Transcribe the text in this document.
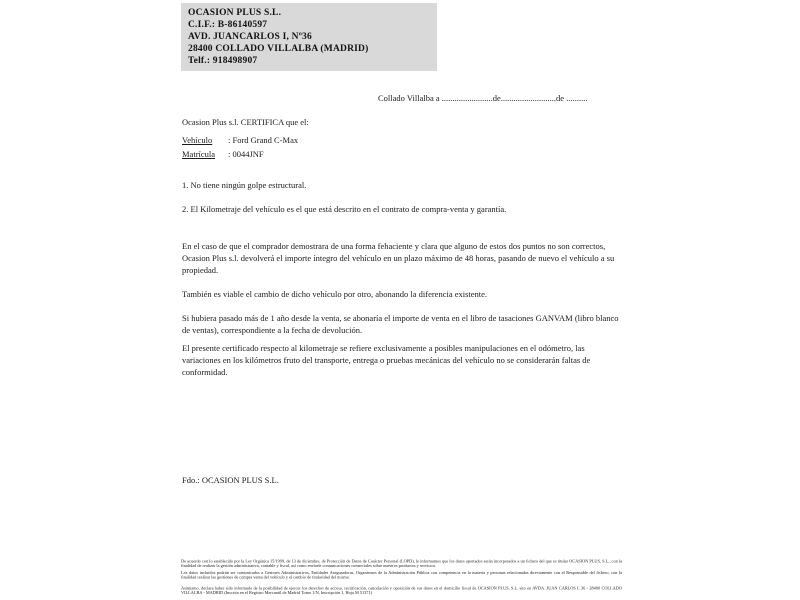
OCASION PLUS S.L.
C.I.F.: B-86140597
AVD. JUANCARLOS I, Nº36
28400 COLLADO VILLALBA (MADRID)
Telf.: 918498907
Collado Villalba a ........................de..........................de ..........
Ocasion Plus s.l. CERTIFICA que el:
Vehículo : Ford Grand C-Max
Matrícula : 0044JNF

1. No tiene ningún golpe estructural.

2. El Kilometraje del vehículo es el que está descrito en el contrato de compra-venta y garantía.

En el caso de que el comprador demostrara de una forma fehaciente y clara que alguno de estos dos puntos no son correctos, Ocasion Plus s.l. devolverá el importe íntegro del vehículo en un plazo máximo de 48 horas, pasando de nuevo el vehículo a su propiedad.

También es viable el cambio de dicho vehículo por otro, abonando la diferencia existente.

Si hubiera pasado más de 1 año desde la venta, se abonaría el importe de venta en el libro de tasaciones GANVAM (libro blanco de ventas), correspondiente a la fecha de devolución.

El presente certificado respecto al kilometraje se refiere exclusivamente a posibles manipulaciones en el odómetro, las variaciones en los kilómetros fruto del transporte, entrega o pruebas mecánicas del vehículo no se considerarán faltas de conformidad.

Fdo.: OCASION PLUS S.L.

De acuerdo con lo establecido por la Ley Orgánica 15/1999, de 13 de diciembre, de Protección de Datos de Carácter Personal (LOPD), le informamos que los datos aportados serán incorporados a un fichero del que es titular OCASION PLUS, S.L., con la finalidad de realizar la gestión administrativa, contable y fiscal, así como enviarle comunicaciones comerciales sobre nuestros productos y servicios.

Los datos incluidos podrán ser comunicados a Gestores Administrativos, Entidades Aseguradoras, Organismos de la Administración Pública con competencia en la materia y personas relacionadas directamente con el Responsable del fichero, con la finalidad realizar las gestiones de compra venta del vehículo y el cambio de titularidad del mismo.

Asimismo, declara haber sido informado de la posibilidad de ejercer los derechos de acceso, rectificación, cancelación y oposición de sus datos en el domicilio fiscal de OCASION PLUS, S.L. sito en AVDA. JUAN CARLOS I, 36 - 28400 COLLADO VILLALBA - MADRID (Inscrita en el Registro Mercantil de Madrid Tomo 1/N, Inscripción 1, Hoja M 51371)
